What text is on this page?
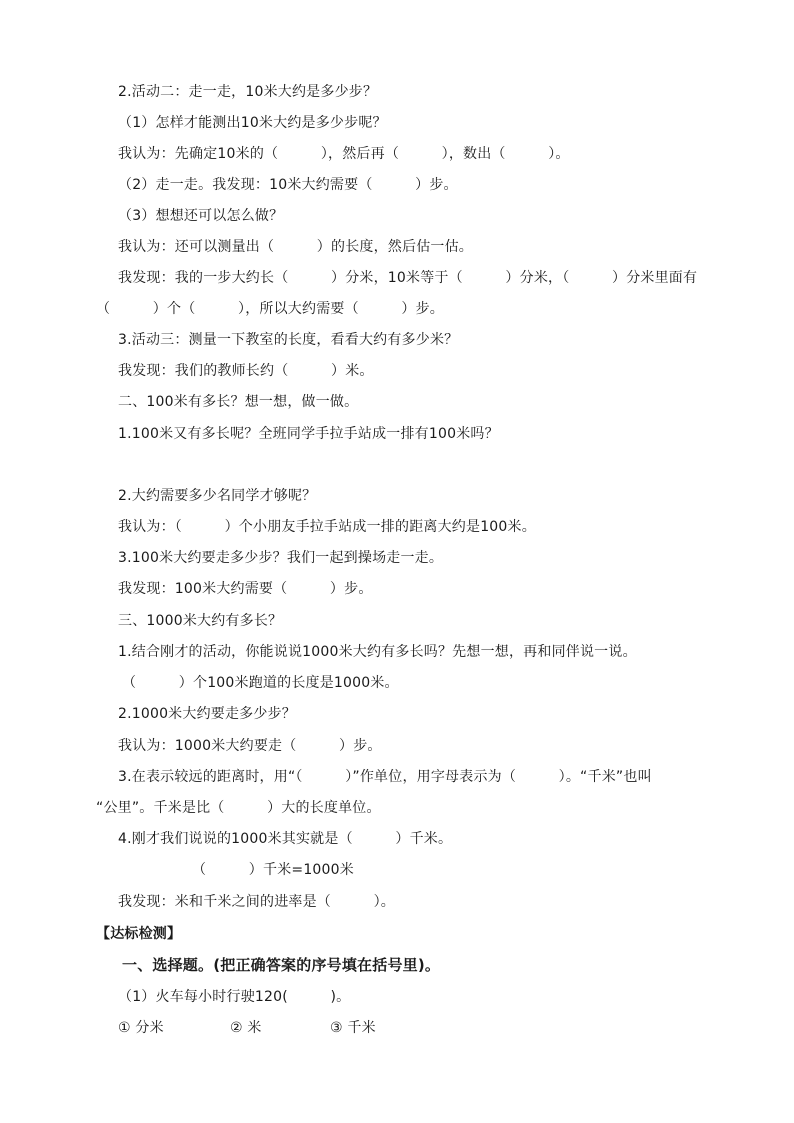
2.活动二：走一走，10米大约是多少步？
（1）怎样才能测出10米大约是多少步呢？
我认为：先确定10米的（　　　），然后再（　　　），数出（　　　）。
（2）走一走。我发现：10米大约需要（　　　）步。
（3）想想还可以怎么做？
我认为：还可以测量出（　　　）的长度，然后估一估。
我发现：我的一步大约长（　　　）分米，10米等于（　　　）分米，（　　　）分米里面有
（　　　）个（　　　），所以大约需要（　　　）步。
3.活动三：测量一下教室的长度，看看大约有多少米？
我发现：我们的教师长约（　　　）米。
二、100米有多长？想一想，做一做。
1.100米又有多长呢？全班同学手拉手站成一排有100米吗？
2.大约需要多少名同学才够呢？
我认为：（　　　）个小朋友手拉手站成一排的距离大约是100米。
3.100米大约要走多少步？我们一起到操场走一走。
我发现：100米大约需要（　　　）步。
三、1000米大约有多长？
1.结合刚才的活动，你能说说1000米大约有多长吗？先想一想，再和同伴说一说。
（　　　）个100米跑道的长度是1000米。
2.1000米大约要走多少步？
我认为：1000米大约要走（　　　）步。
3.在表示较远的距离时，用“（　　　）”作单位，用字母表示为（　　　）。“千米”也叫
“公里”。千米是比（　　　）大的长度单位。
4.刚才我们说说的1000米其实就是（　　　）千米。
（　　　）千米=1000米
我发现：米和千米之间的进率是（　　　）。
【达标检测】
一、选择题。(把正确答案的序号填在括号里)。
（1）火车每小时行驶120(　　　)。
① 分米	② 米	③ 千米
